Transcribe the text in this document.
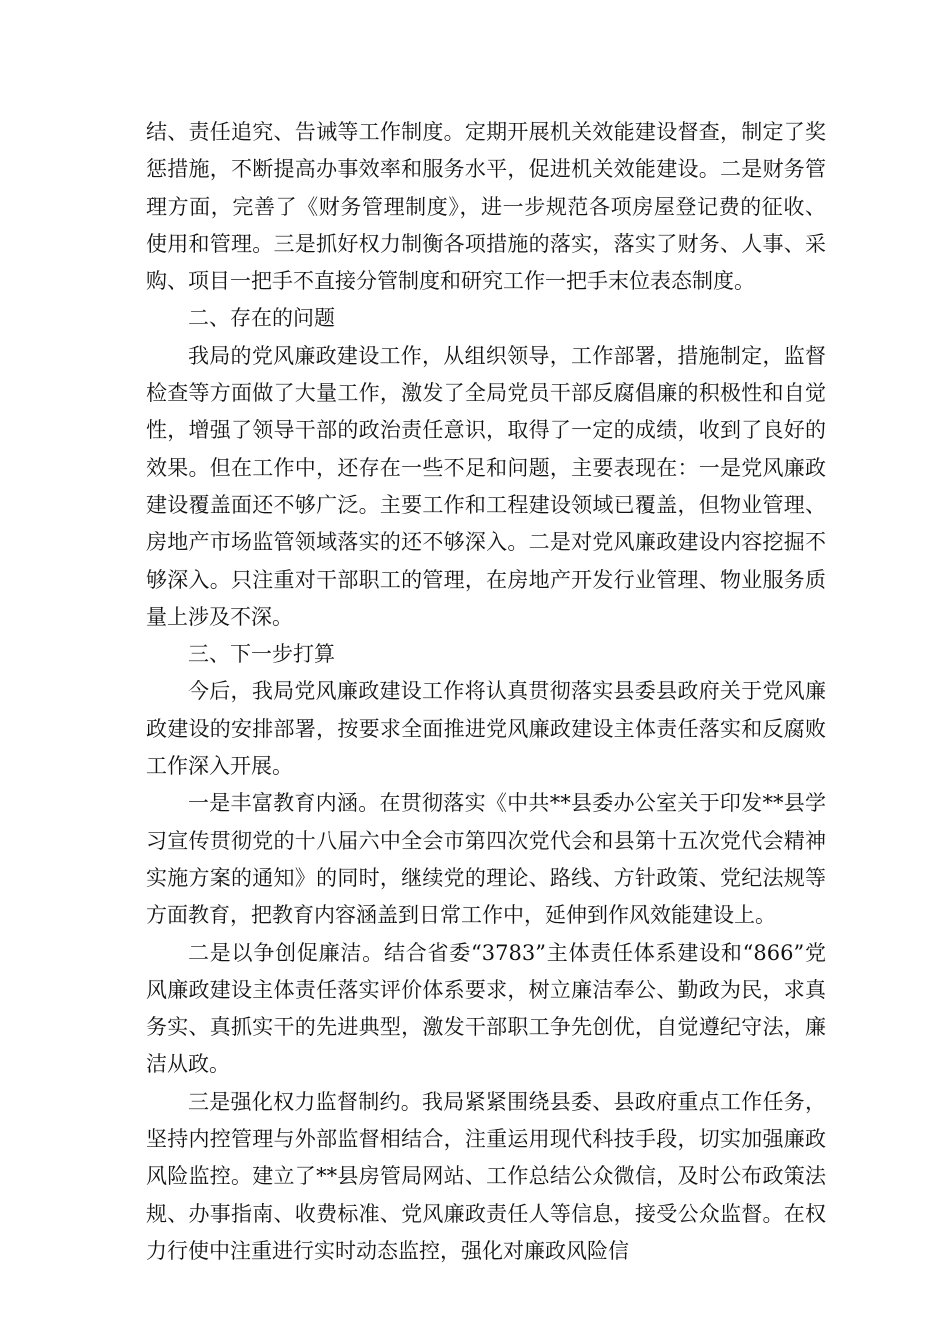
结、责任追究、告诫等工作制度。定期开展机关效能建设督查，制定了奖惩措施，不断提高办事效率和服务水平，促进机关效能建设。二是财务管理方面，完善了《财务管理制度》，进一步规范各项房屋登记费的征收、使用和管理。三是抓好权力制衡各项措施的落实，落实了财务、人事、采购、项目一把手不直接分管制度和研究工作一把手末位表态制度。

二、存在的问题

我局的党风廉政建设工作，从组织领导，工作部署，措施制定，监督检查等方面做了大量工作，激发了全局党员干部反腐倡廉的积极性和自觉性，增强了领导干部的政治责任意识，取得了一定的成绩，收到了良好的效果。但在工作中，还存在一些不足和问题，主要表现在：一是党风廉政建设覆盖面还不够广泛。主要工作和工程建设领域已覆盖，但物业管理、房地产市场监管领域落实的还不够深入。二是对党风廉政建设内容挖掘不够深入。只注重对干部职工的管理，在房地产开发行业管理、物业服务质量上涉及不深。

三、下一步打算

今后，我局党风廉政建设工作将认真贯彻落实县委县政府关于党风廉政建设的安排部署，按要求全面推进党风廉政建设主体责任落实和反腐败工作深入开展。

一是丰富教育内涵。在贯彻落实《中共**县委办公室关于印发**县学习宣传贯彻党的十八届六中全会市第四次党代会和县第十五次党代会精神实施方案的通知》的同时，继续党的理论、路线、方针政策、党纪法规等方面教育，把教育内容涵盖到日常工作中，延伸到作风效能建设上。

二是以争创促廉洁。结合省委“3783”主体责任体系建设和“866”党风廉政建设主体责任落实评价体系要求，树立廉洁奉公、勤政为民，求真务实、真抓实干的先进典型，激发干部职工争先创优，自觉遵纪守法，廉洁从政。

三是强化权力监督制约。我局紧紧围绕县委、县政府重点工作任务，坚持内控管理与外部监督相结合，注重运用现代科技手段，切实加强廉政风险监控。建立了**县房管局网站、工作总结公众微信，及时公布政策法规、办事指南、收费标准、党风廉政责任人等信息，接受公众监督。在权力行使中注重进行实时动态监控，强化对廉政风险信
